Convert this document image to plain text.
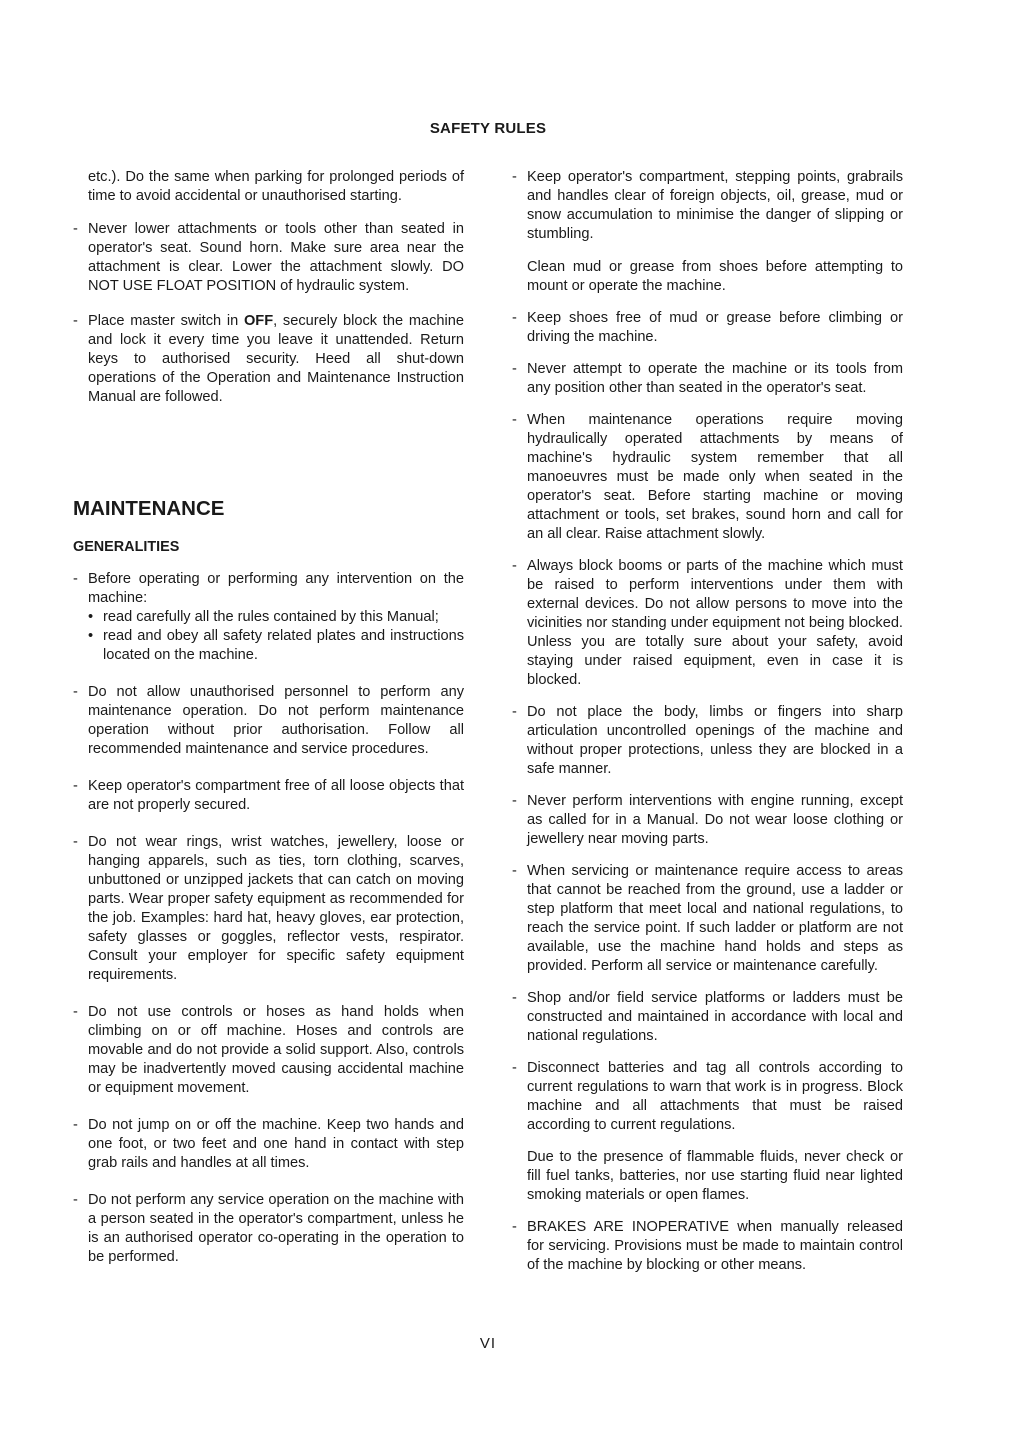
SAFETY RULES
etc.). Do the same when parking for prolonged periods of time to avoid accidental or unauthorised starting.
- Never lower attachments or tools other than seated in operator's seat. Sound horn. Make sure area near the attachment is clear. Lower the attachment slowly. DO NOT USE FLOAT POSITION of hydraulic system.
- Place master switch in OFF, securely block the machine and lock it every time you leave it unattended. Return keys to authorised security. Heed all shut-down operations of the Operation and Maintenance Instruction Manual are followed.
MAINTENANCE
GENERALITIES
- Before operating or performing any intervention on the machine:
• read carefully all the rules contained by this Manual;
• read and obey all safety related plates and instructions located on the machine.
- Do not allow unauthorised personnel to perform any maintenance operation. Do not perform maintenance operation without prior authorisation. Follow all recommended maintenance and service procedures.
- Keep operator's compartment free of all loose objects that are not properly secured.
- Do not wear rings, wrist watches, jewellery, loose or hanging apparels, such as ties, torn clothing, scarves, unbuttoned or unzipped jackets that can catch on moving parts. Wear proper safety equipment as recommended for the job. Examples: hard hat, heavy gloves, ear protection, safety glasses or goggles, reflector vests, respirator. Consult your employer for specific safety equipment requirements.
- Do not use controls or hoses as hand holds when climbing on or off machine. Hoses and controls are movable and do not provide a solid support. Also, controls may be inadvertently moved causing accidental machine or equipment movement.
- Do not jump on or off the machine. Keep two hands and one foot, or two feet and one hand in contact with step grab rails and handles at all times.
- Do not perform any service operation on the machine with a person seated in the operator's compartment, unless he is an authorised operator co-operating in the operation to be performed.
- Keep operator's compartment, stepping points, grabrails and handles clear of foreign objects, oil, grease, mud or snow accumulation to minimise the danger of slipping or stumbling.
Clean mud or grease from shoes before attempting to mount or operate the machine.
- Keep shoes free of mud or grease before climbing or driving the machine.
- Never attempt to operate the machine or its tools from any position other than seated in the operator's seat.
- When maintenance operations require moving hydraulically operated attachments by means of machine's hydraulic system remember that all manoeuvres must be made only when seated in the operator's seat. Before starting machine or moving attachment or tools, set brakes, sound horn and call for an all clear. Raise attachment slowly.
- Always block booms or parts of the machine which must be raised to perform interventions under them with external devices. Do not allow persons to move into the vicinities nor standing under equipment not being blocked. Unless you are totally sure about your safety, avoid staying under raised equipment, even in case it is blocked.
- Do not place the body, limbs or fingers into sharp articulation uncontrolled openings of the machine and without proper protections, unless they are blocked in a safe manner.
- Never perform interventions with engine running, except as called for in a Manual. Do not wear loose clothing or jewellery near moving parts.
- When servicing or maintenance require access to areas that cannot be reached from the ground, use a ladder or step platform that meet local and national regulations, to reach the service point. If such ladder or platform are not available, use the machine hand holds and steps as provided. Perform all service or maintenance carefully.
- Shop and/or field service platforms or ladders must be constructed and maintained in accordance with local and national regulations.
- Disconnect batteries and tag all controls according to current regulations to warn that work is in progress. Block machine and all attachments that must be raised according to current regulations.
Due to the presence of flammable fluids, never check or fill fuel tanks, batteries, nor use starting fluid near lighted smoking materials or open flames.
- BRAKES ARE INOPERATIVE when manually released for servicing. Provisions must be made to maintain control of the machine by blocking or other means.
VI
